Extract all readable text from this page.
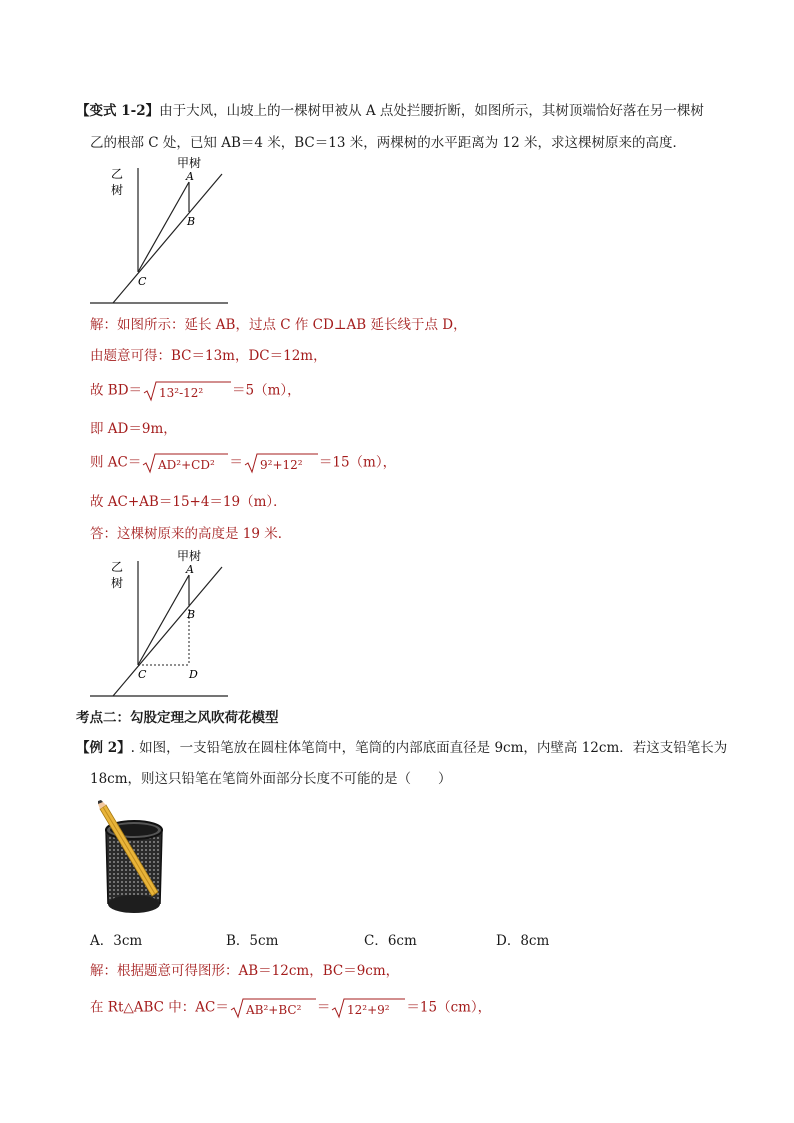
【变式 1-2】由于大风，山坡上的一棵树甲被从 A 点处拦腰折断，如图所示，其树顶端恰好落在另一棵树
乙的根部 C 处，已知 AB＝4 米，BC＝13 米，两棵树的水平距离为 12 米，求这棵树原来的高度．
乙
树
甲树
A
B
C
解：如图所示：延长 AB，过点 C 作 CD⊥AB 延长线于点 D，
由题意可得：BC＝13m，DC＝12m，
故 BD＝ 13²-12² ＝5（m），
即 AD＝9m，
则 AC＝ AD²+CD² ＝ 9²+12² ＝15（m），
故 AC+AB＝15+4＝19（m）．
答：这棵树原来的高度是 19 米．
乙
树
甲树
A
B
C	D
考点二：勾股定理之风吹荷花模型
【例 2】. 如图，一支铅笔放在圆柱体笔筒中，笔筒的内部底面直径是 9cm，内壁高 12cm．若这支铅笔长为
18cm，则这只铅笔在笔筒外面部分长度不可能的是（　　）
A．3cm	B．5cm	C．6cm	D．8cm
解：根据题意可得图形：AB＝12cm，BC＝9cm，
在 Rt△ABC 中：AC＝ AB²+BC² ＝ 12²+9² ＝15（cm），
